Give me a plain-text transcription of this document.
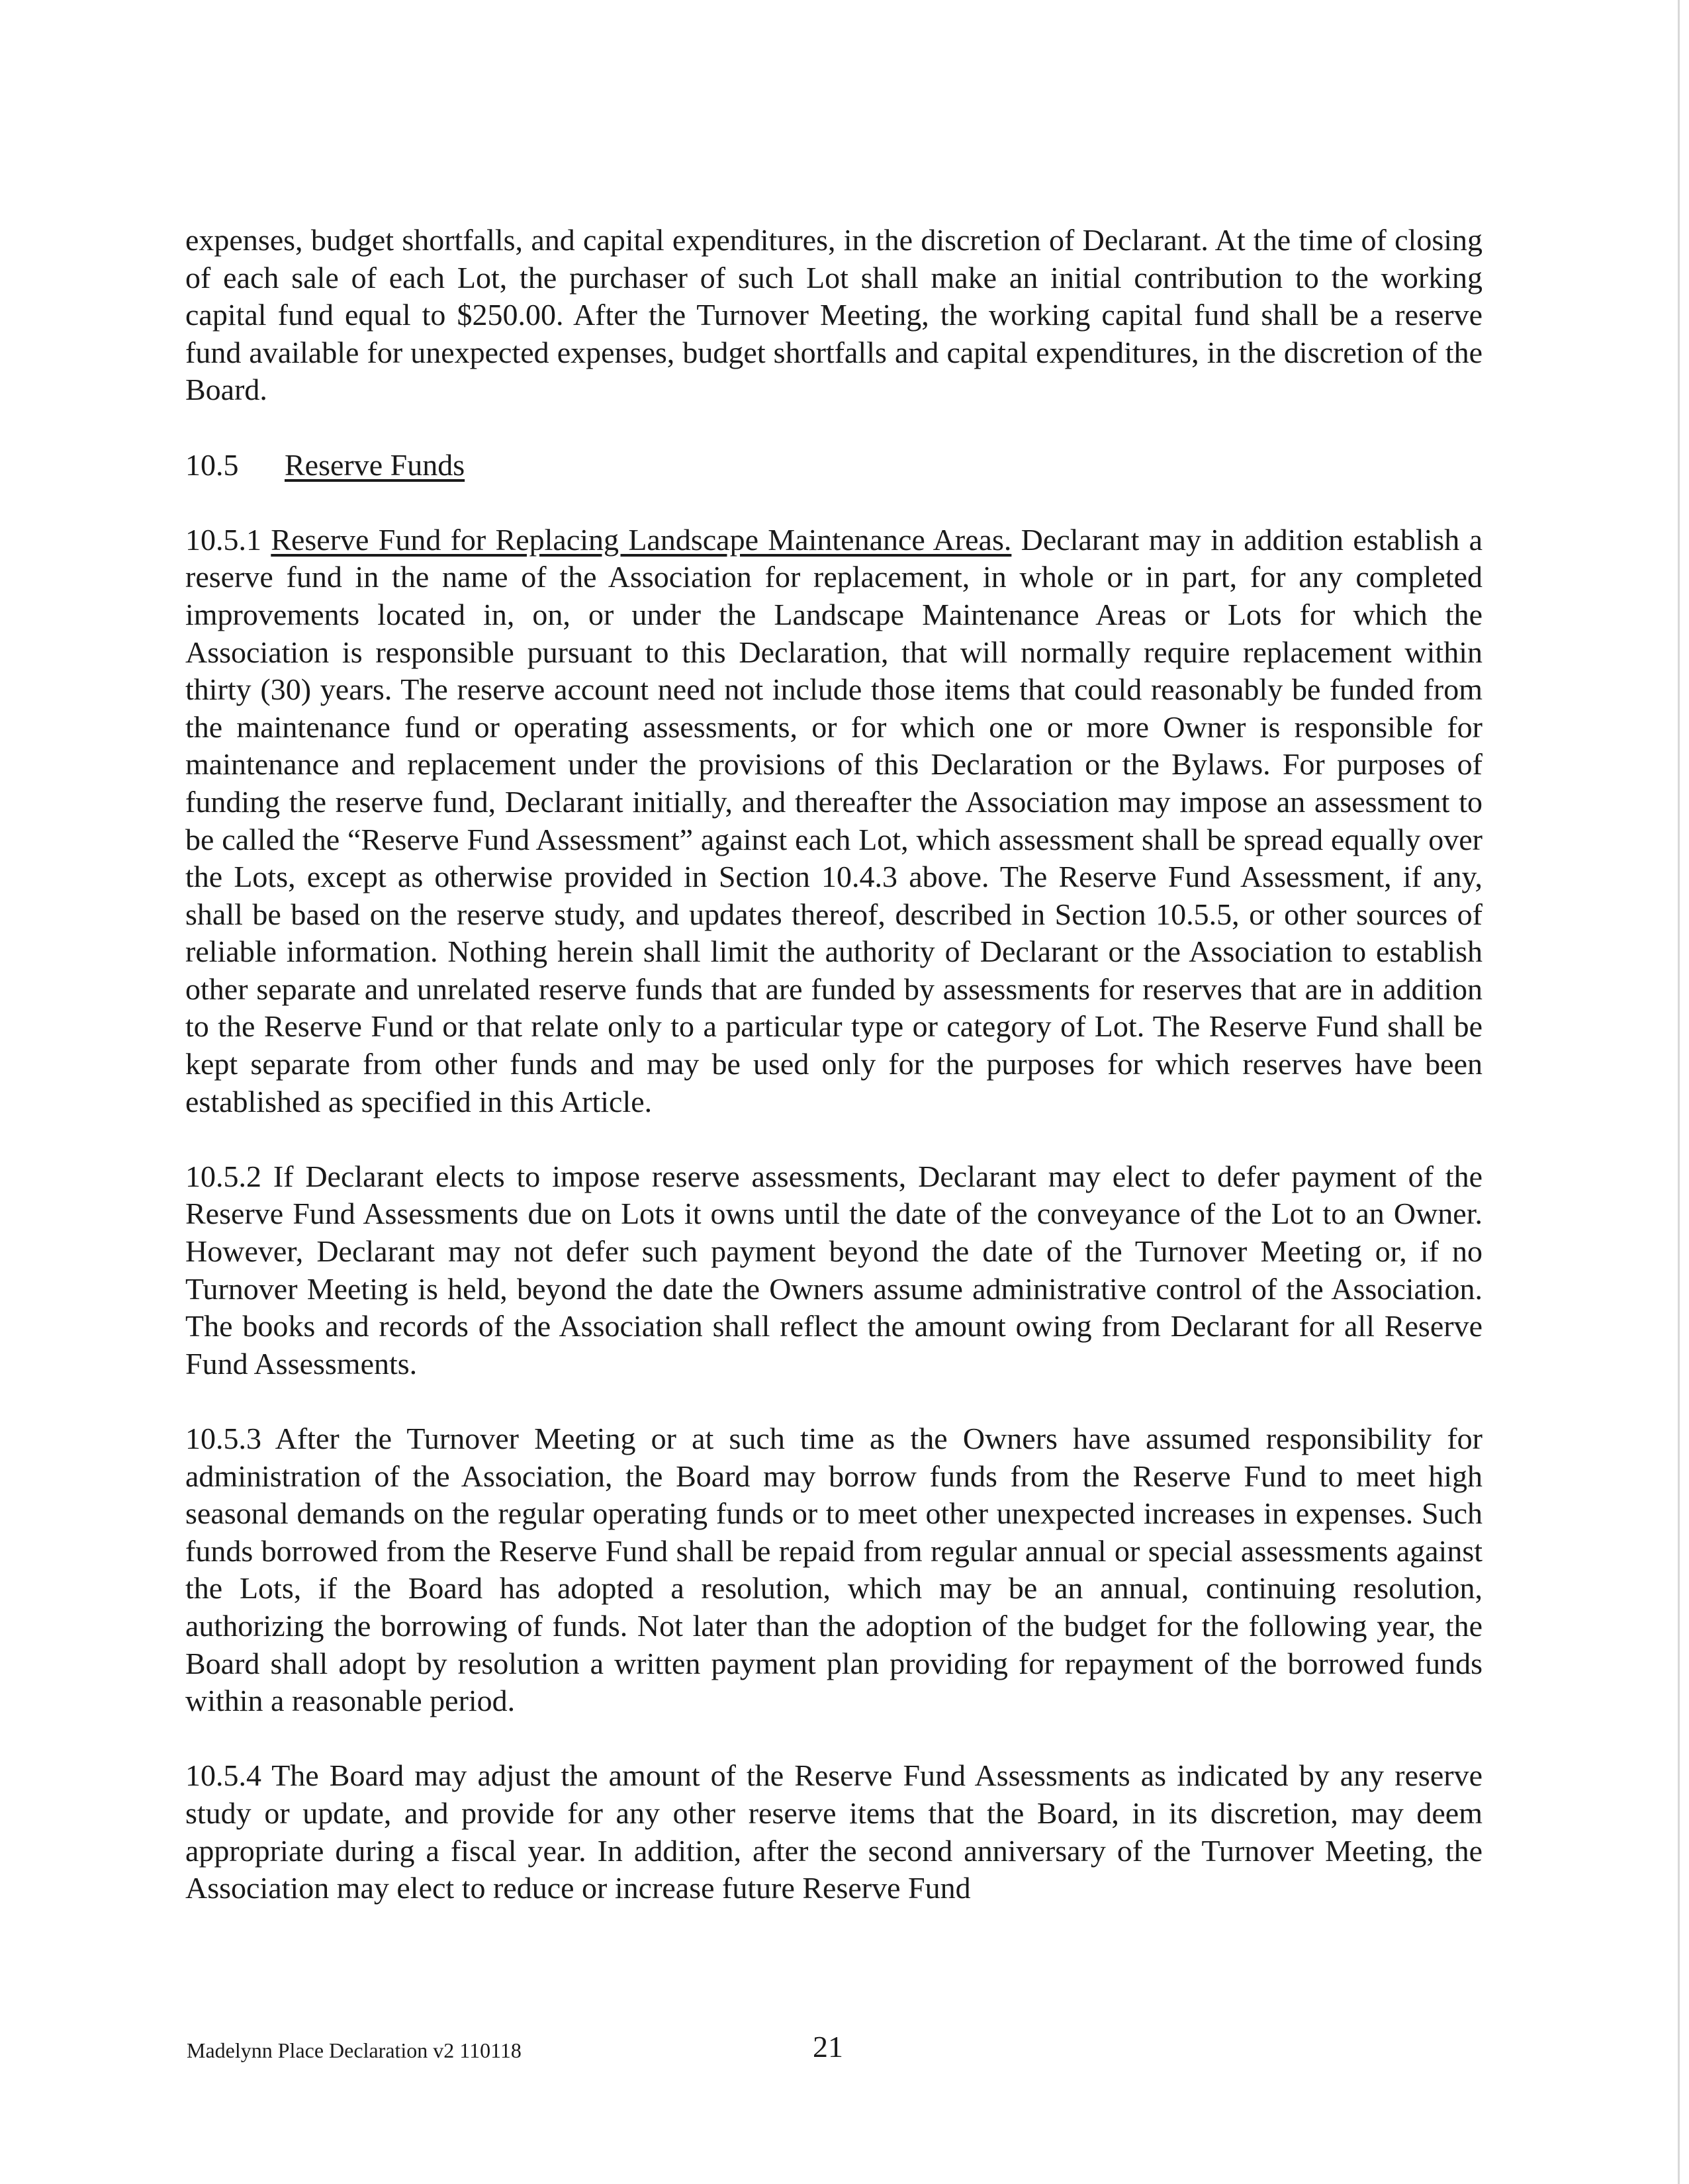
expenses, budget shortfalls, and capital expenditures, in the discretion of Declarant. At the time of closing of each sale of each Lot, the purchaser of such Lot shall make an initial contribution to the working capital fund equal to $250.00. After the Turnover Meeting, the working capital fund shall be a reserve fund available for unexpected expenses, budget shortfalls and capital expenditures, in the discretion of the Board.

10.5 Reserve Funds

10.5.1 Reserve Fund for Replacing Landscape Maintenance Areas. Declarant may in addition establish a reserve fund in the name of the Association for replacement, in whole or in part, for any completed improvements located in, on, or under the Landscape Maintenance Areas or Lots for which the Association is responsible pursuant to this Declaration, that will normally require replacement within thirty (30) years. The reserve account need not include those items that could reasonably be funded from the maintenance fund or operating assessments, or for which one or more Owner is responsible for maintenance and replacement under the provisions of this Declaration or the Bylaws. For purposes of funding the reserve fund, Declarant initially, and thereafter the Association may impose an assessment to be called the “Reserve Fund Assessment” against each Lot, which assessment shall be spread equally over the Lots, except as otherwise provided in Section 10.4.3 above. The Reserve Fund Assessment, if any, shall be based on the reserve study, and updates thereof, described in Section 10.5.5, or other sources of reliable information. Nothing herein shall limit the authority of Declarant or the Association to establish other separate and unrelated reserve funds that are funded by assessments for reserves that are in addition to the Reserve Fund or that relate only to a particular type or category of Lot. The Reserve Fund shall be kept separate from other funds and may be used only for the purposes for which reserves have been established as specified in this Article.

10.5.2 If Declarant elects to impose reserve assessments, Declarant may elect to defer payment of the Reserve Fund Assessments due on Lots it owns until the date of the conveyance of the Lot to an Owner. However, Declarant may not defer such payment beyond the date of the Turnover Meeting or, if no Turnover Meeting is held, beyond the date the Owners assume administrative control of the Association. The books and records of the Association shall reflect the amount owing from Declarant for all Reserve Fund Assessments.

10.5.3 After the Turnover Meeting or at such time as the Owners have assumed responsibility for administration of the Association, the Board may borrow funds from the Reserve Fund to meet high seasonal demands on the regular operating funds or to meet other unexpected increases in expenses. Such funds borrowed from the Reserve Fund shall be repaid from regular annual or special assessments against the Lots, if the Board has adopted a resolution, which may be an annual, continuing resolution, authorizing the borrowing of funds. Not later than the adoption of the budget for the following year, the Board shall adopt by resolution a written payment plan providing for repayment of the borrowed funds within a reasonable period.

10.5.4 The Board may adjust the amount of the Reserve Fund Assessments as indicated by any reserve study or update, and provide for any other reserve items that the Board, in its discretion, may deem appropriate during a fiscal year. In addition, after the second anniversary of the Turnover Meeting, the Association may elect to reduce or increase future Reserve Fund

Madelynn Place Declaration v2 110118	21
